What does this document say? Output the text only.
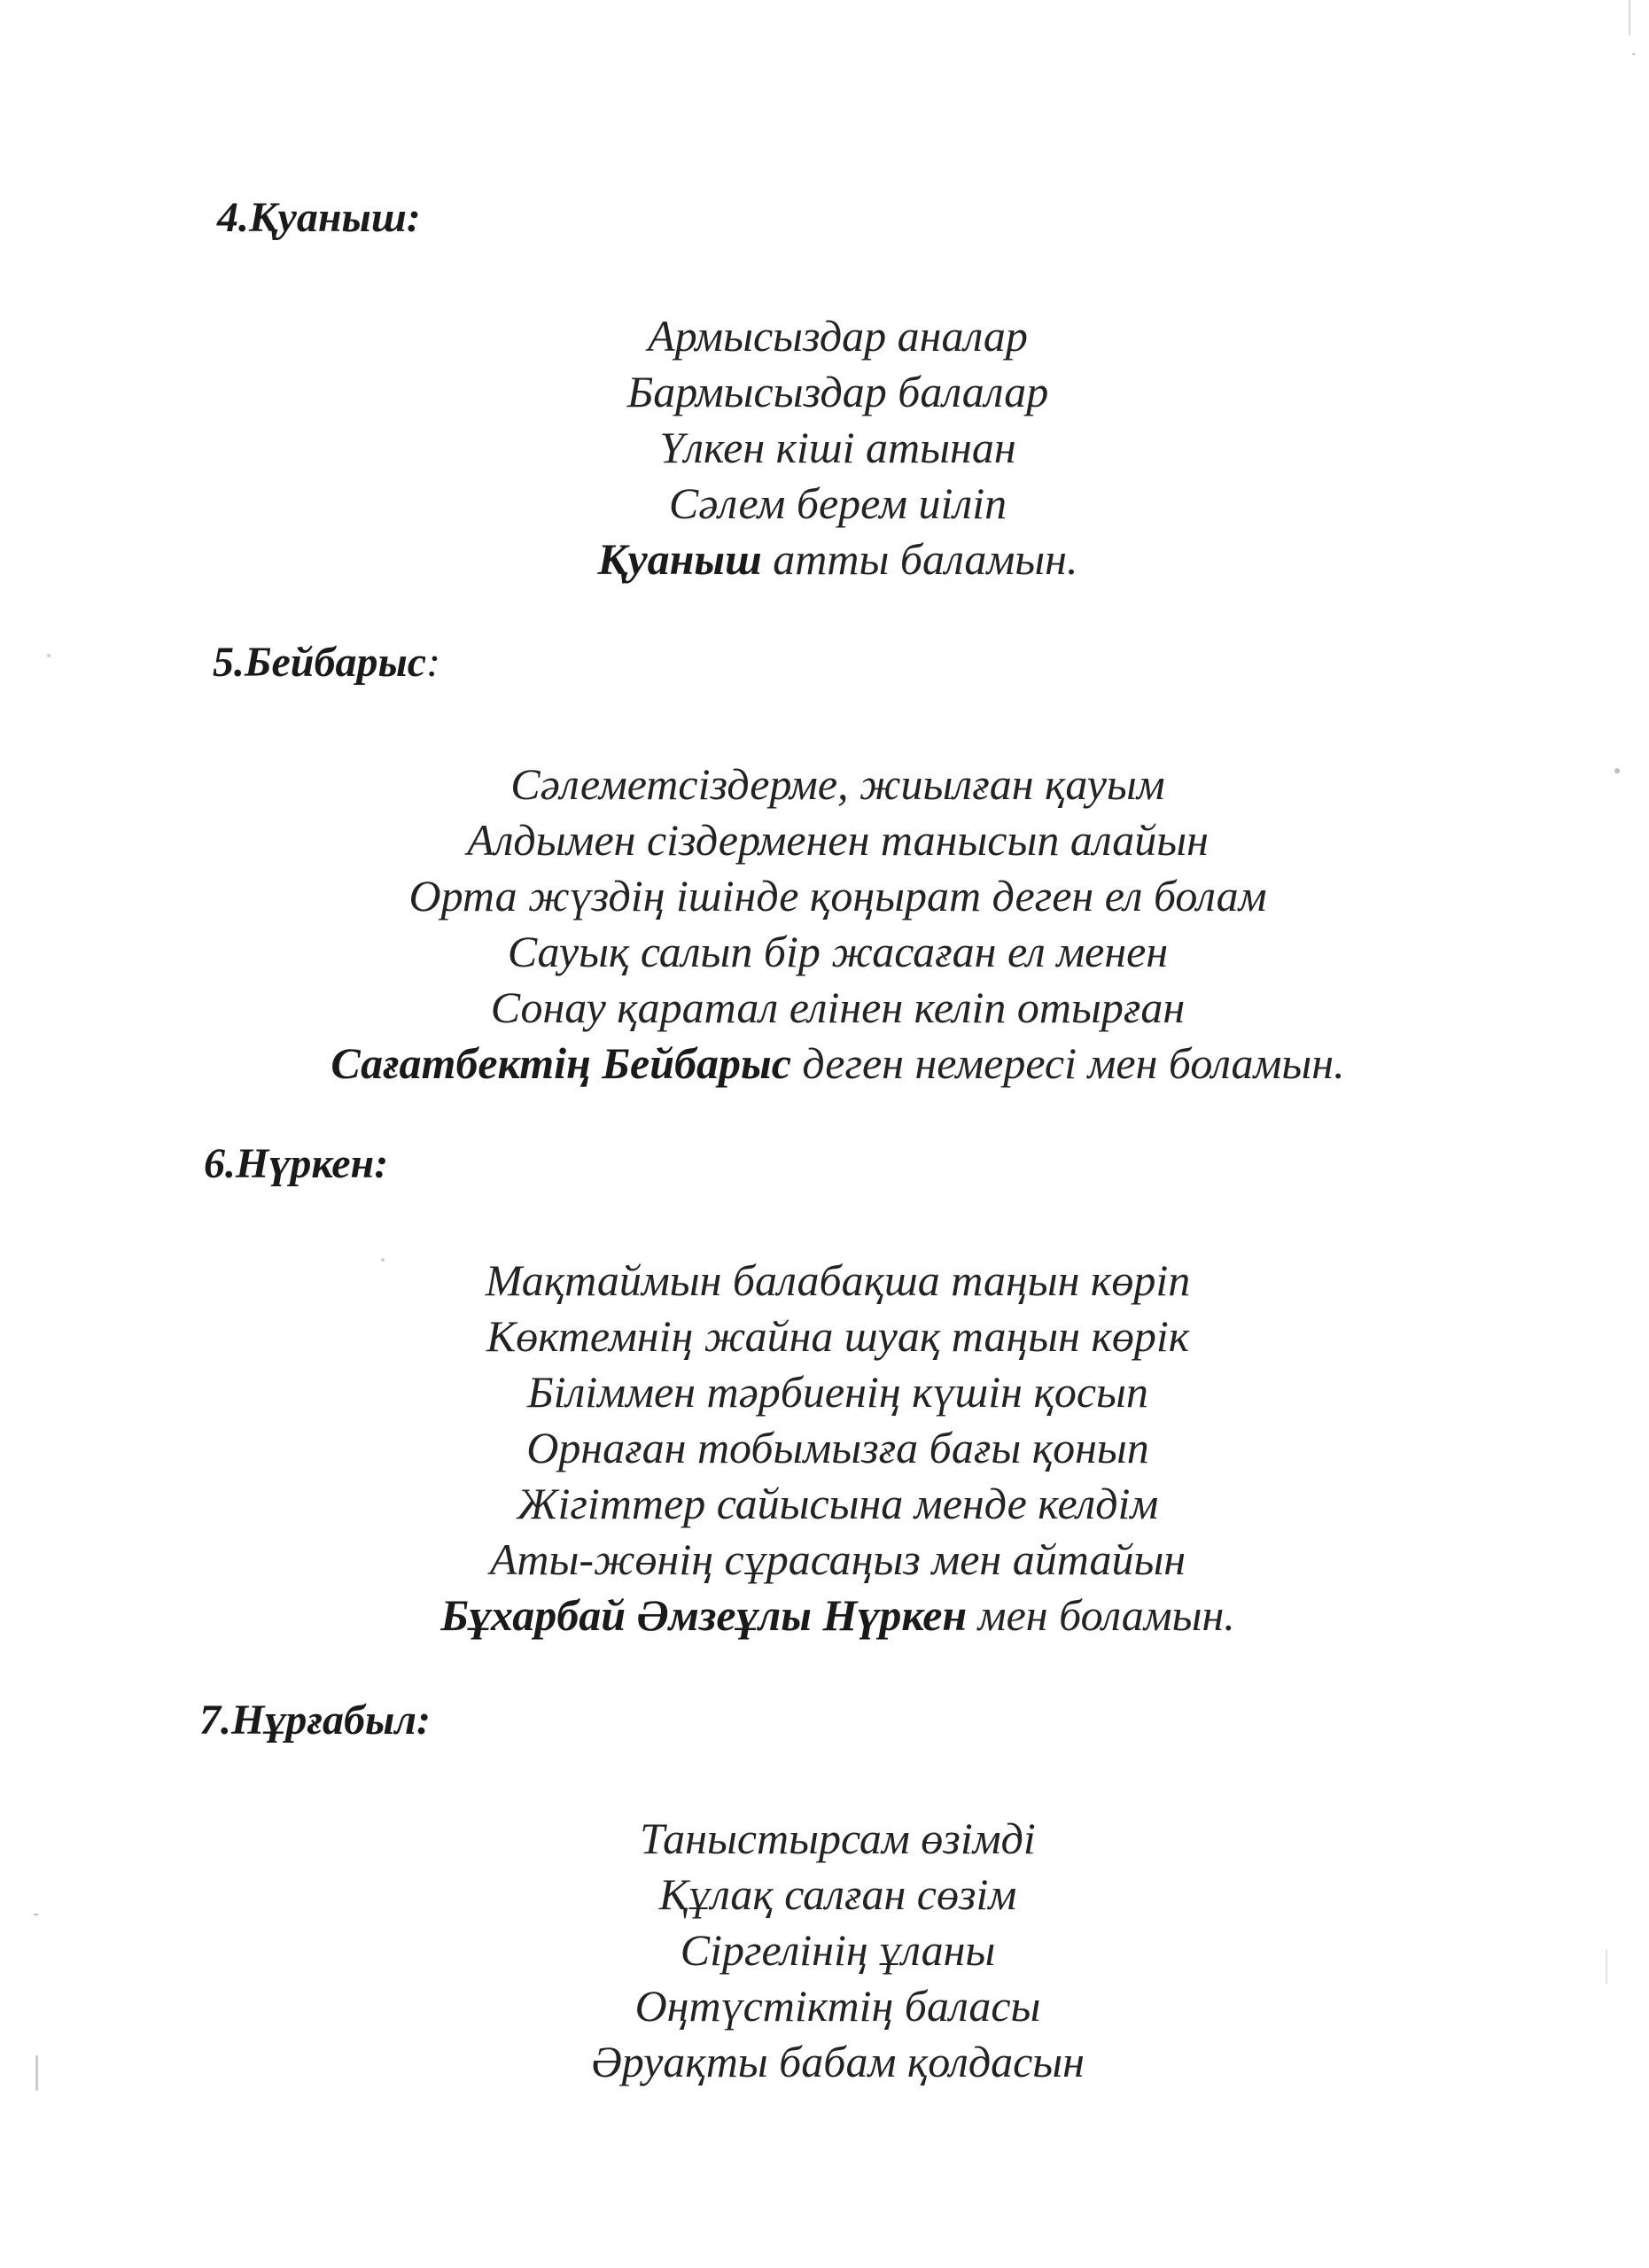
4.Қуаныш:
Армысыздар аналар
Бармысыздар балалар
Үлкен кіші атынан
Сәлем берем иіліп
Қуаныш атты баламын.
5.Бейбарыс:
Сәлеметсіздерме, жиылған қауым
Алдымен сіздерменен танысып алайын
Орта жүздің ішінде қоңырат деген ел болам
Сауық салып бір жасаған ел менен
Сонау қаратал елінен келіп отырған
Сағатбектің Бейбарыс деген немересі мен боламын.
6.Нүркен:
Мақтаймын балабақша таңын көріп
Көктемнің жайна шуақ таңын көрік
Біліммен тәрбиенің күшін қосып
Орнаған тобымызға бағы қонып
Жігіттер сайысына менде келдім
Аты-жөнің сұрасаңыз мен айтайын
Бұхарбай Әмзеұлы Нүркен мен боламын.
7.Нұрғабыл:
Таныстырсам өзімді
Құлақ салған сөзім
Сіргелінің ұланы
Оңтүстіктің баласы
Әруақты бабам қолдасын
